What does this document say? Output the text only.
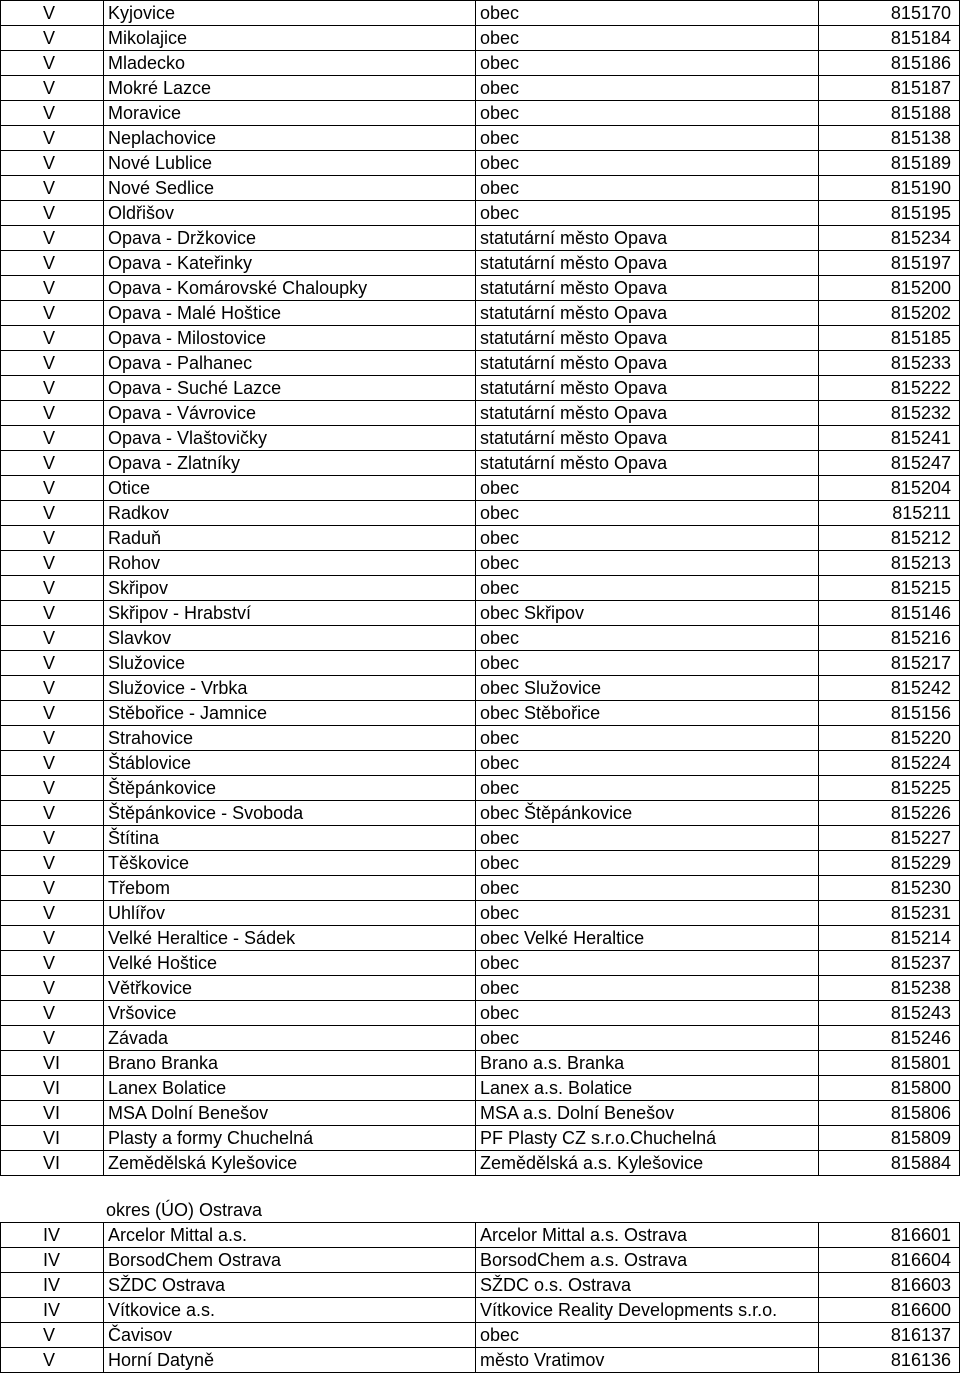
V	Kyjovice	obec	815170
V	Mikolajice	obec	815184
V	Mladecko	obec	815186
V	Mokré Lazce	obec	815187
V	Moravice	obec	815188
V	Neplachovice	obec	815138
V	Nové Lublice	obec	815189
V	Nové Sedlice	obec	815190
V	Oldřišov	obec	815195
V	Opava - Držkovice	statutární město Opava	815234
V	Opava - Kateřinky	statutární město Opava	815197
V	Opava - Komárovské Chaloupky	statutární město Opava	815200
V	Opava - Malé Hoštice	statutární město Opava	815202
V	Opava - Milostovice	statutární město Opava	815185
V	Opava - Palhanec	statutární město Opava	815233
V	Opava - Suché Lazce	statutární město Opava	815222
V	Opava - Vávrovice	statutární město Opava	815232
V	Opava - Vlaštovičky	statutární město Opava	815241
V	Opava - Zlatníky	statutární město Opava	815247
V	Otice	obec	815204
V	Radkov	obec	815211
V	Raduň	obec	815212
V	Rohov	obec	815213
V	Skřipov	obec	815215
V	Skřipov - Hrabství	obec Skřipov	815146
V	Slavkov	obec	815216
V	Služovice	obec	815217
V	Služovice - Vrbka	obec Služovice	815242
V	Stěbořice - Jamnice	obec Stěbořice	815156
V	Strahovice	obec	815220
V	Štáblovice	obec	815224
V	Štěpánkovice	obec	815225
V	Štěpánkovice - Svoboda	obec Štěpánkovice	815226
V	Štítina	obec	815227
V	Těškovice	obec	815229
V	Třebom	obec	815230
V	Uhlířov	obec	815231
V	Velké Heraltice - Sádek	obec Velké Heraltice	815214
V	Velké Hoštice	obec	815237
V	Větřkovice	obec	815238
V	Vršovice	obec	815243
V	Závada	obec	815246
VI	Brano Branka	Brano a.s. Branka	815801
VI	Lanex Bolatice	Lanex a.s. Bolatice	815800
VI	MSA Dolní Benešov	MSA a.s. Dolní Benešov	815806
VI	Plasty a formy Chuchelná	PF Plasty CZ s.r.o.Chuchelná	815809
VI	Zemědělská Kylešovice	Zemědělská a.s. Kylešovice	815884
okres (ÚO) Ostrava
IV	Arcelor Mittal a.s.	Arcelor Mittal a.s. Ostrava	816601
IV	BorsodChem Ostrava	BorsodChem a.s. Ostrava	816604
IV	SŽDC Ostrava	SŽDC o.s. Ostrava	816603
IV	Vítkovice a.s.	Vítkovice Reality Developments s.r.o.	816600
V	Čavisov	obec	816137
V	Horní Datyně	město Vratimov	816136
